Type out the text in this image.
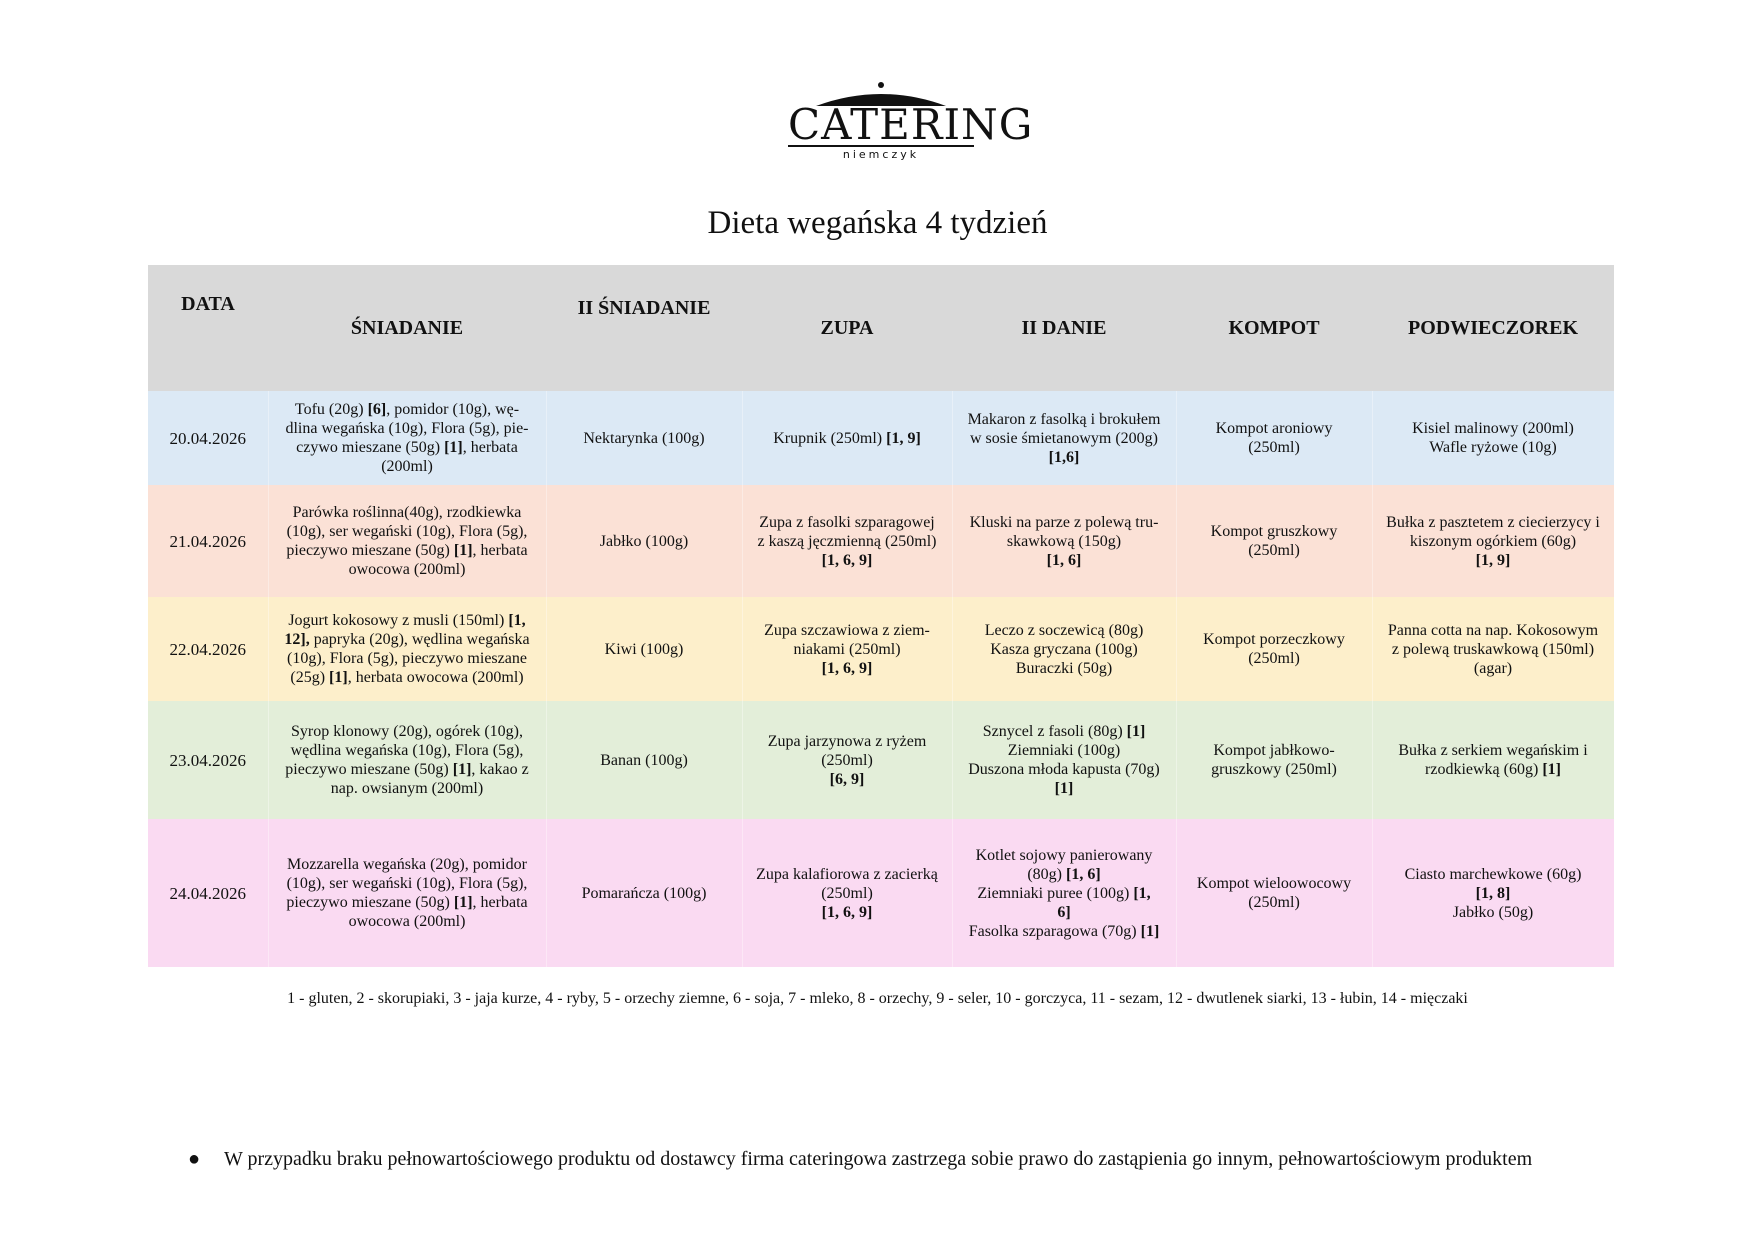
CATERING
niemczyk
Dieta wegańska 4 tydzień
DATA	ŚNIADANIE	II ŚNIADANIE	ZUPA	II DANIE	KOMPOT	PODWIECZOREK
20.04.2026	Tofu (20g) [6], pomidor (10g), wę-
dlina wegańska (10g), Flora (5g), pie-
czywo mieszane (50g) [1], herbata
(200ml)	Nektarynka (100g)	Krupnik (250ml) [1, 9]	Makaron z fasolką i brokułem
w sosie śmietanowym (200g)
[1,6]	Kompot aroniowy
(250ml)	Kisiel malinowy (200ml)
Wafle ryżowe (10g)
21.04.2026	Parówka roślinna(40g), rzodkiewka
(10g), ser wegański (10g), Flora (5g),
pieczywo mieszane (50g) [1], herbata
owocowa (200ml)	Jabłko (100g)	Zupa z fasolki szparagowej
z kaszą jęczmienną (250ml)
[1, 6, 9]	Kluski na parze z polewą tru-
skawkową (150g)
[1, 6]	Kompot gruszkowy
(250ml)	Bułka z pasztetem z ciecierzycy i
kiszonym ogórkiem (60g)
[1, 9]
22.04.2026	Jogurt kokosowy z musli (150ml) [1,
12], papryka (20g), wędlina wegańska
(10g), Flora (5g), pieczywo mieszane
(25g) [1], herbata owocowa (200ml)	Kiwi (100g)	Zupa szczawiowa z ziem-
niakami (250ml)
[1, 6, 9]	Leczo z soczewicą (80g)
Kasza gryczana (100g)
Buraczki (50g)	Kompot porzeczkowy
(250ml)	Panna cotta na nap. Kokosowym
z polewą truskawkową (150ml)
(agar)
23.04.2026	Syrop klonowy (20g), ogórek (10g),
wędlina wegańska (10g), Flora (5g),
pieczywo mieszane (50g) [1], kakao z
nap. owsianym (200ml)	Banan (100g)	Zupa jarzynowa z ryżem
(250ml)
[6, 9]	Sznycel z fasoli (80g) [1]
Ziemniaki (100g)
Duszona młoda kapusta (70g)
[1]	Kompot jabłkowo-
gruszkowy (250ml)	Bułka z serkiem wegańskim i
rzodkiewką (60g) [1]
24.04.2026	Mozzarella wegańska (20g), pomidor
(10g), ser wegański (10g), Flora (5g),
pieczywo mieszane (50g) [1], herbata
owocowa (200ml)	Pomarańcza (100g)	Zupa kalafiorowa z zacierką
(250ml)
[1, 6, 9]	Kotlet sojowy panierowany
(80g) [1, 6]
Ziemniaki puree (100g) [1,
6]
Fasolka szparagowa (70g) [1]	Kompot wieloowocowy
(250ml)	Ciasto marchewkowe (60g)
[1, 8]
Jabłko (50g)
1 - gluten, 2 - skorupiaki, 3 - jaja kurze, 4 - ryby, 5 - orzechy ziemne, 6 - soja, 7 - mleko, 8 - orzechy, 9 - seler, 10 - gorczyca, 11 - sezam, 12 - dwutlenek siarki, 13 - łubin, 14 - mięczaki
● W przypadku braku pełnowartościowego produktu od dostawcy firma cateringowa zastrzega sobie prawo do zastąpienia go innym, pełnowartościowym produktem
